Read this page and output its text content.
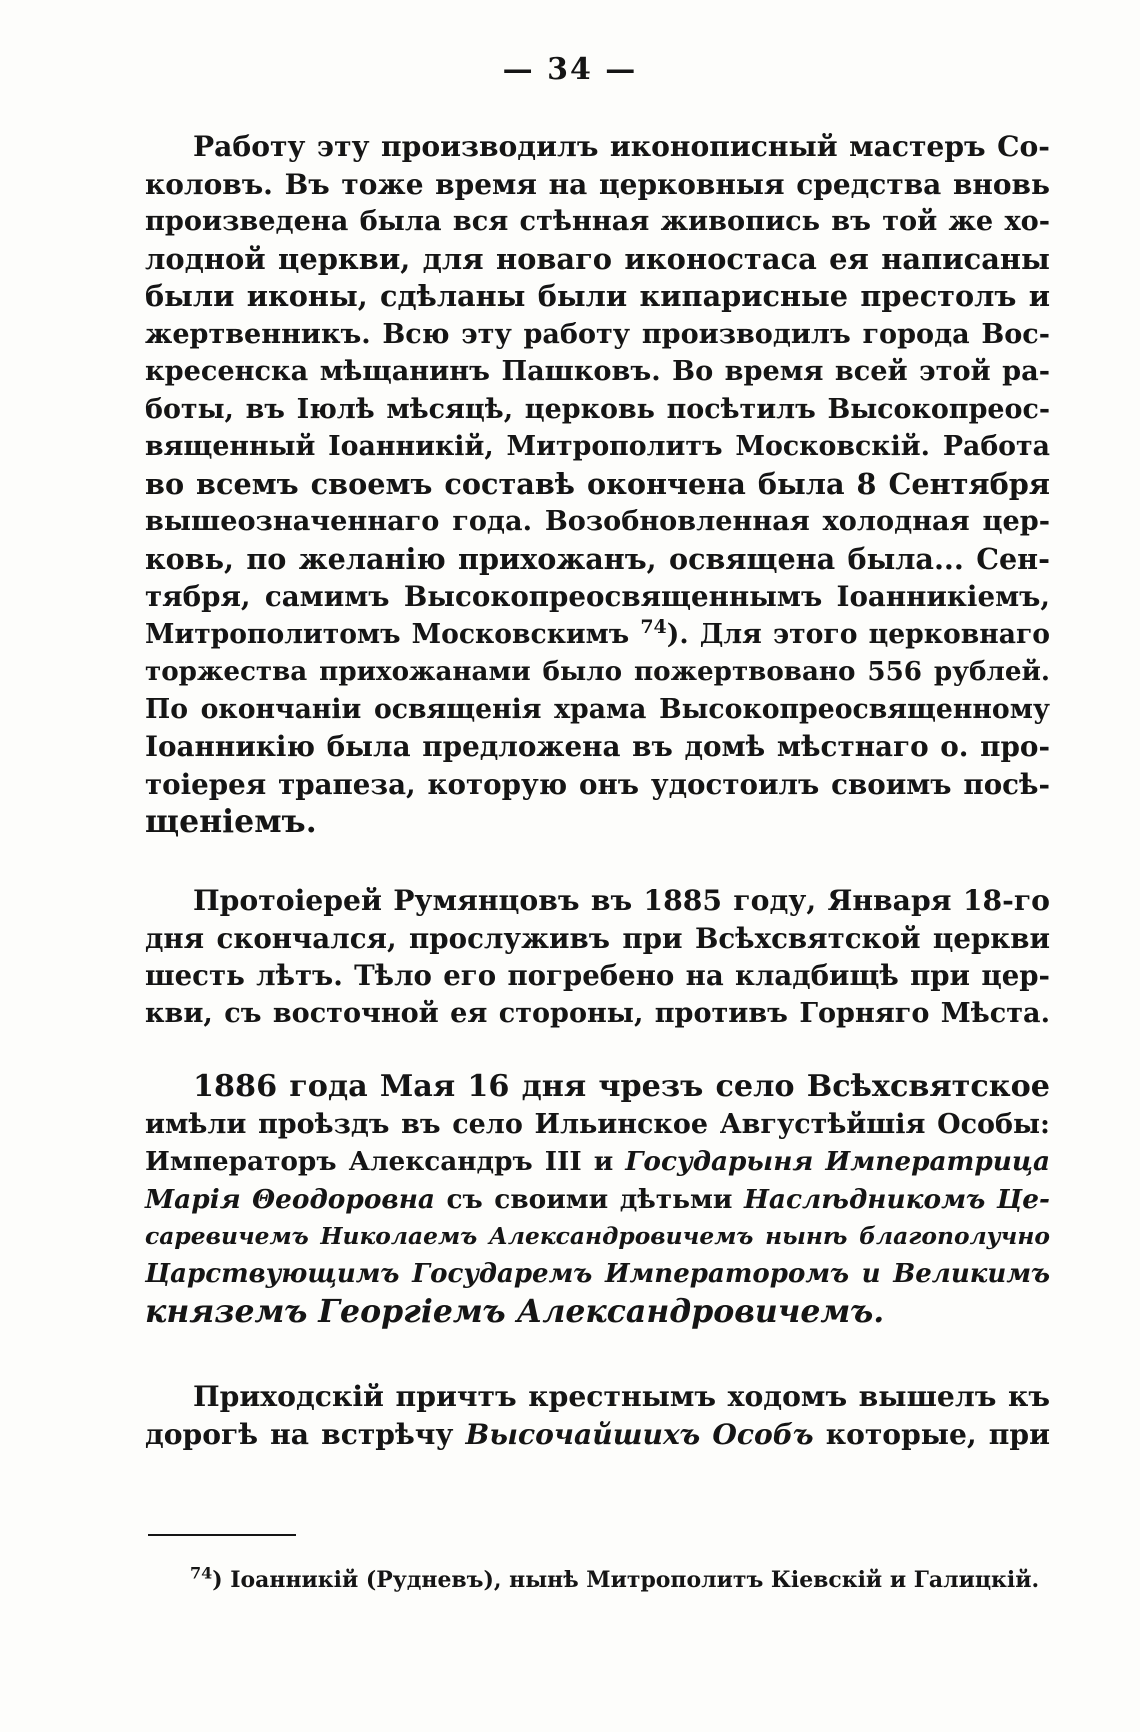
— 34 —
Работу эту производилъ иконописный мастеръ Со-
коловъ. Въ тоже время на церковныя средства вновь
произведена была вся стѣнная живопись въ той же хо-
лодной церкви, для новаго иконостаса ея написаны
были иконы, сдѣланы были кипарисные престолъ и
жертвенникъ. Всю эту работу производилъ города Вос-
кресенска мѣщанинъ Пашковъ. Во время всей этой ра-
боты, въ Iюлѣ мѣсяцѣ, церковь посѣтилъ Высокопреос-
вященный Iоанникiй, Митрополитъ Московскiй. Работа
во всемъ своемъ составѣ окончена была 8 Сентября
вышеозначеннаго года. Возобновленная холодная цер-
ковь, по желанiю прихожанъ, освящена была... Сен-
тября, самимъ Высокопреосвященнымъ Iоанникiемъ,
Митрополитомъ Московскимъ $^{74}$). Для этого церковнаго
торжества прихожанами было пожертвовано 556 рублей.
По окончанiи освященiя храма Высокопреосвященному
Iоанникiю была предложена въ домѣ мѣстнаго о. про-
тоiерея трапеза, которую онъ удостоилъ своимъ посѣ-
щенiемъ.
Протоiерей Румянцовъ въ 1885 году, Января 18-го
дня скончался, прослуживъ при Всѣхсвятской церкви
шесть лѣтъ. Тѣло его погребено на кладбищѣ при цер-
кви, съ восточной ея стороны, противъ Горняго Мѣста.
1886 года Мая 16 дня чрезъ село Всѣхсвятское
имѣли проѣздъ въ село Ильинское Августѣйшiя Особы:
Императоръ Александръ III и Государыня Императрица
Марiя Θеодоровна съ своими дѣтьми Наслѣдникомъ Це-
саревичемъ Николаемъ Александровичемъ нынѣ благополучно
Царствующимъ Государемъ Императоромъ и Великимъ
княземъ Георгiемъ Александровичемъ.
Приходскiй причтъ крестнымъ ходомъ вышелъ къ
дорогѣ на встрѣчу Высочайшихъ Особъ которые, при
$^{74}$) Iоанникiй (Рудневъ), нынѣ Митрополитъ Кiевскiй и Галицкiй.
